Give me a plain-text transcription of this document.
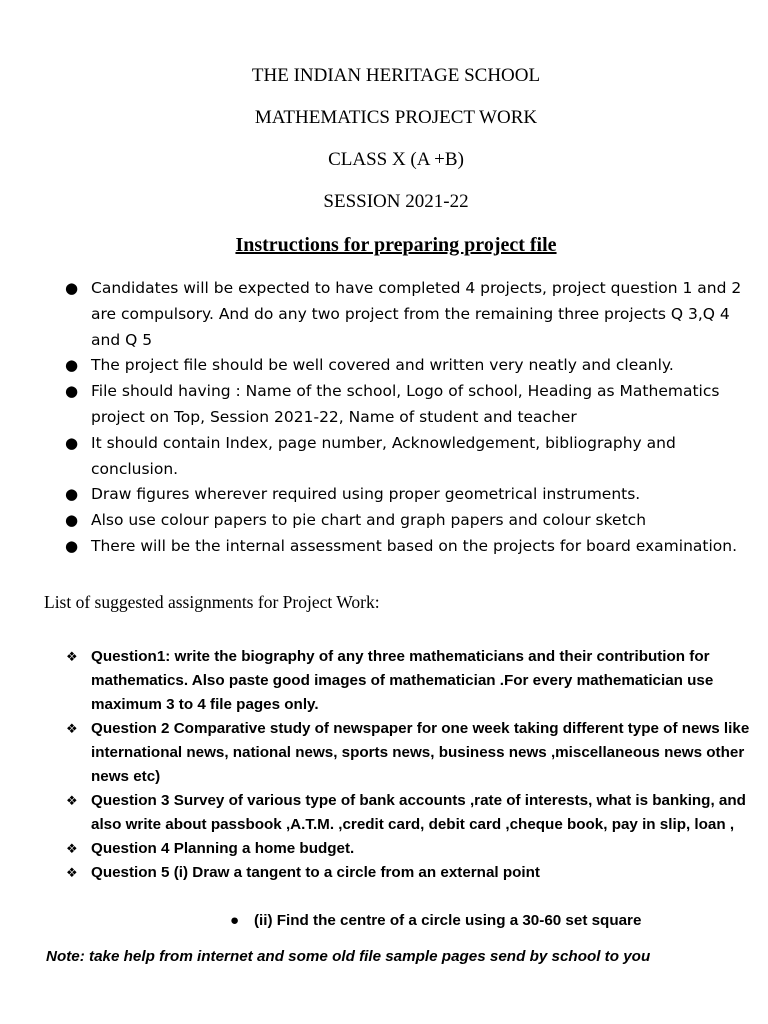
THE INDIAN HERITAGE SCHOOL
MATHEMATICS PROJECT WORK
CLASS X (A +B)
SESSION 2021-22
Instructions for preparing project file
● Candidates will be expected to have completed 4 projects, project question 1 and 2 are compulsory. And do any two project from the remaining three projects Q 3,Q 4 and Q 5
● The project file should be well covered and written very neatly and cleanly.
● File should having : Name of the school, Logo of school, Heading as Mathematics project on Top, Session 2021-22, Name of student and teacher
● It should contain Index, page number, Acknowledgement, bibliography and conclusion.
● Draw figures wherever required using proper geometrical instruments.
● Also use colour papers to pie chart and graph papers and colour sketch
● There will be the internal assessment based on the projects for board examination.
List of suggested assignments for Project Work:
❖ Question1: write the biography of any three mathematicians and their contribution for mathematics. Also paste good images of mathematician .For every mathematician use maximum 3 to 4 file pages only.
❖ Question 2 Comparative study of newspaper for one week taking different type of news like international news, national news, sports news, business news ,miscellaneous news other news etc)
❖ Question 3 Survey of various type of bank accounts ,rate of interests, what is banking, and also write about passbook ,A.T.M. ,credit card, debit card ,cheque book, pay in slip, loan ,
❖ Question 4 Planning a home budget.
❖ Question 5 (i) Draw a tangent to a circle from an external point
● (ii) Find the centre of a circle using a 30-60 set square
Note: take help from internet and some old file sample pages send by school to you
